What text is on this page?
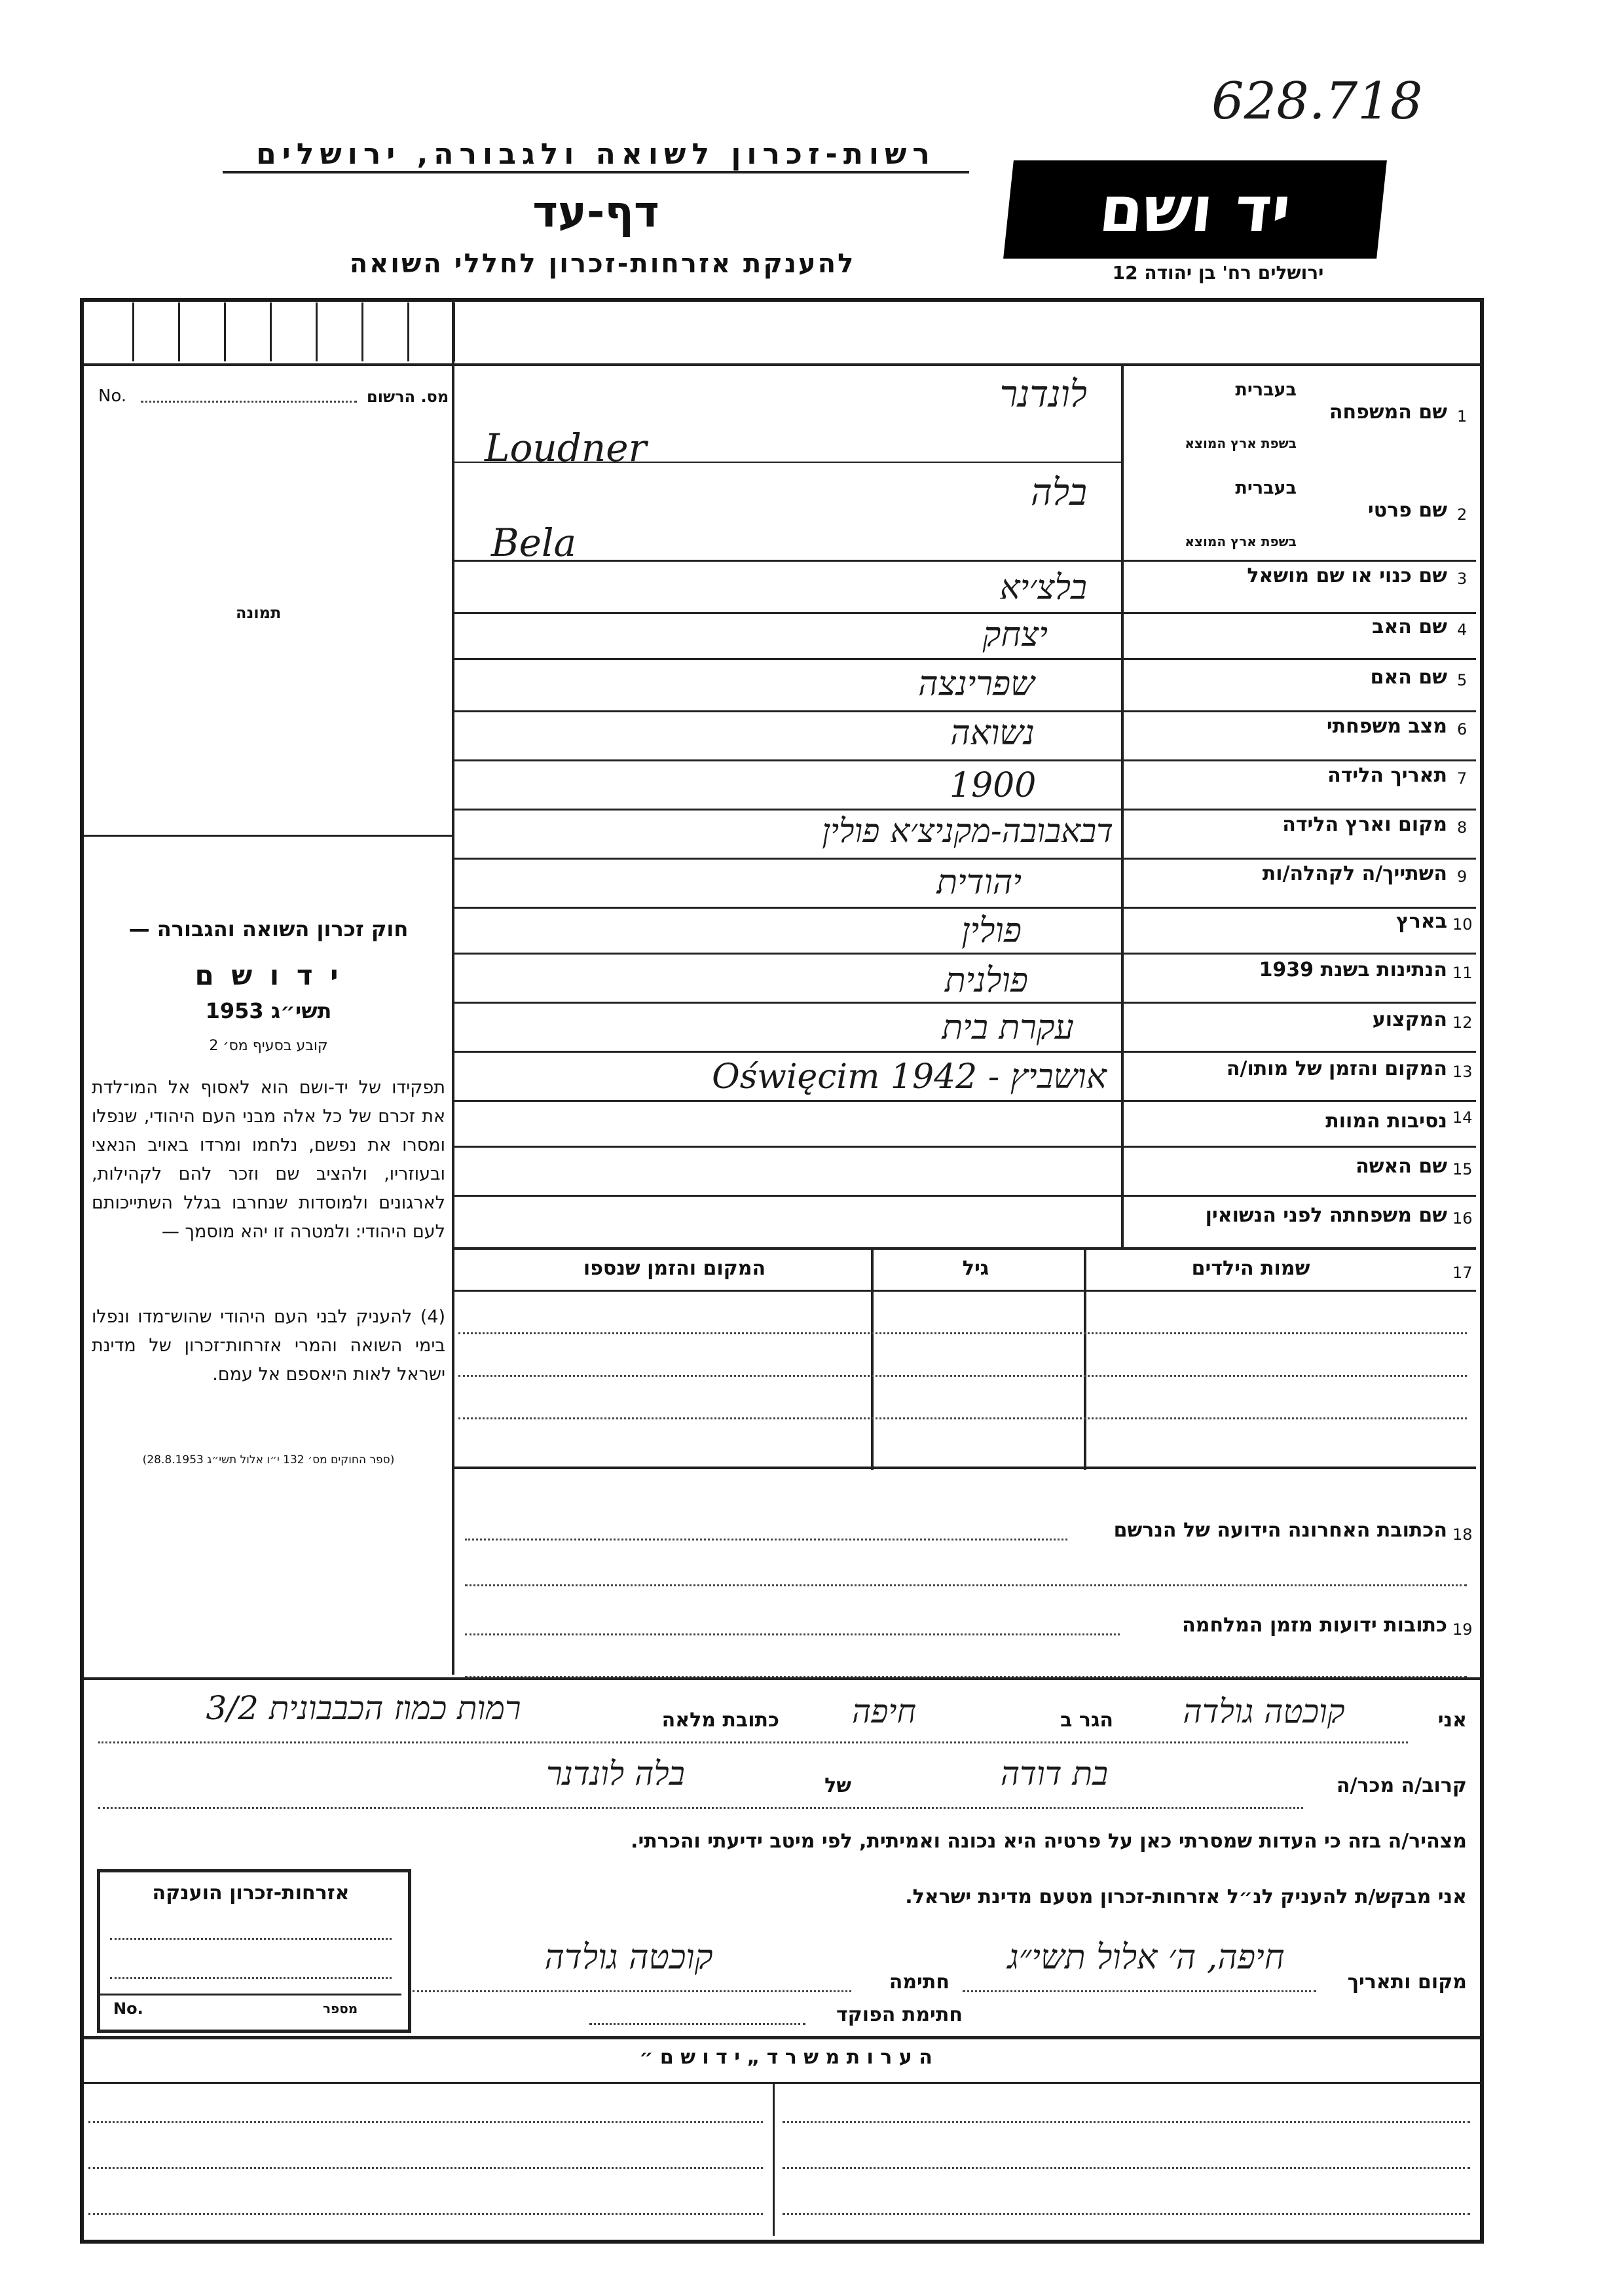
628.718
רשות-זכרון לשואה ולגבורה, ירושלים
דף-עד
להענקת אזרחות-זכרון לחללי השואה
יד ושם
ירושלים רח' בן יהודה 12
No.	מס. הרשום
תמונה
חוק זכרון השואה והגבורה —
י ד ו ש ם
תשי״ג 1953
קובע בסעיף מס׳ 2
תפקידו של יד-ושם הוא לאסוף אל המו־לדת את זכרם של כל אלה מבני העם היהודי, שנפלו ומסרו את נפשם, נלחמו ומרדו באויב הנאצי ובעוזריו, ולהציב שם וזכר להם לקהילות, לארגונים ולמוסדות שנחרבו בגלל השתייכותם לעם היהודי: ולמטרה זו יהא מוסמך —
(4) להעניק לבני העם היהודי שהוש־מדו ונפלו בימי השואה והמרי אזרחות־זכרון של מדינת ישראל לאות היאספם אל עמם.
(ספר החוקים מס׳ 132 י״ו אלול תשי״ג 28.8.1953)
1
שם המשפחה
בעברית
בשפת ארץ המוצא
לונדנר
Loudner
2
שם פרטי
בעברית
בשפת ארץ המוצא
בלה
Bela
3
שם כנוי או שם מושאל
בלצ׳יא
4
שם האב
יצחק
5
שם האם
שפרינצה
6
מצב משפחתי
נשואה
7
תאריך הלידה
1900
8
מקום וארץ הלידה
דבאבובה-מקניצ׳א פולין
9
השתייך/ה לקהלה/ות
יהודית
10
בארץ
פולין
11
הנתינות בשנת 1939
פולנית
12
המקצוע
עקרת בית
13
המקום והזמן של מותו/ה
אושביץ - Oświęcim 1942
14
נסיבות המוות
15
שם האשה
16
שם משפחתה לפני הנשואין
17
שמות הילדים
גיל
המקום והזמן שנספו
18
הכתובת האחרונה הידועה של הנרשם
19
כתובות ידועות מזמן המלחמה
אני
קוכטה גולדה
הגר ב
חיפה
כתובת מלאה
רמות כמוז הכבבונית 3/2
קרוב/ה מכר/ה
בת דודה
של
בלה לונדנר
מצהיר/ה בזה כי העדות שמסרתי כאן על פרטיה היא נכונה ואמיתית, לפי מיטב ידיעתי והכרתי.
אני מבקש/ת להעניק לנ״ל אזרחות-זכרון מטעם מדינת ישראל.
מקום ותאריך
חיפה, ה׳ אלול תשי״ג
חתימה
קוכטה גולדה
חתימת הפוקד
אזרחות-זכרון הוענקה
No.	מספר
ה ע ר ו ת מ ש ר ד „ י ד ו ש ם ״
